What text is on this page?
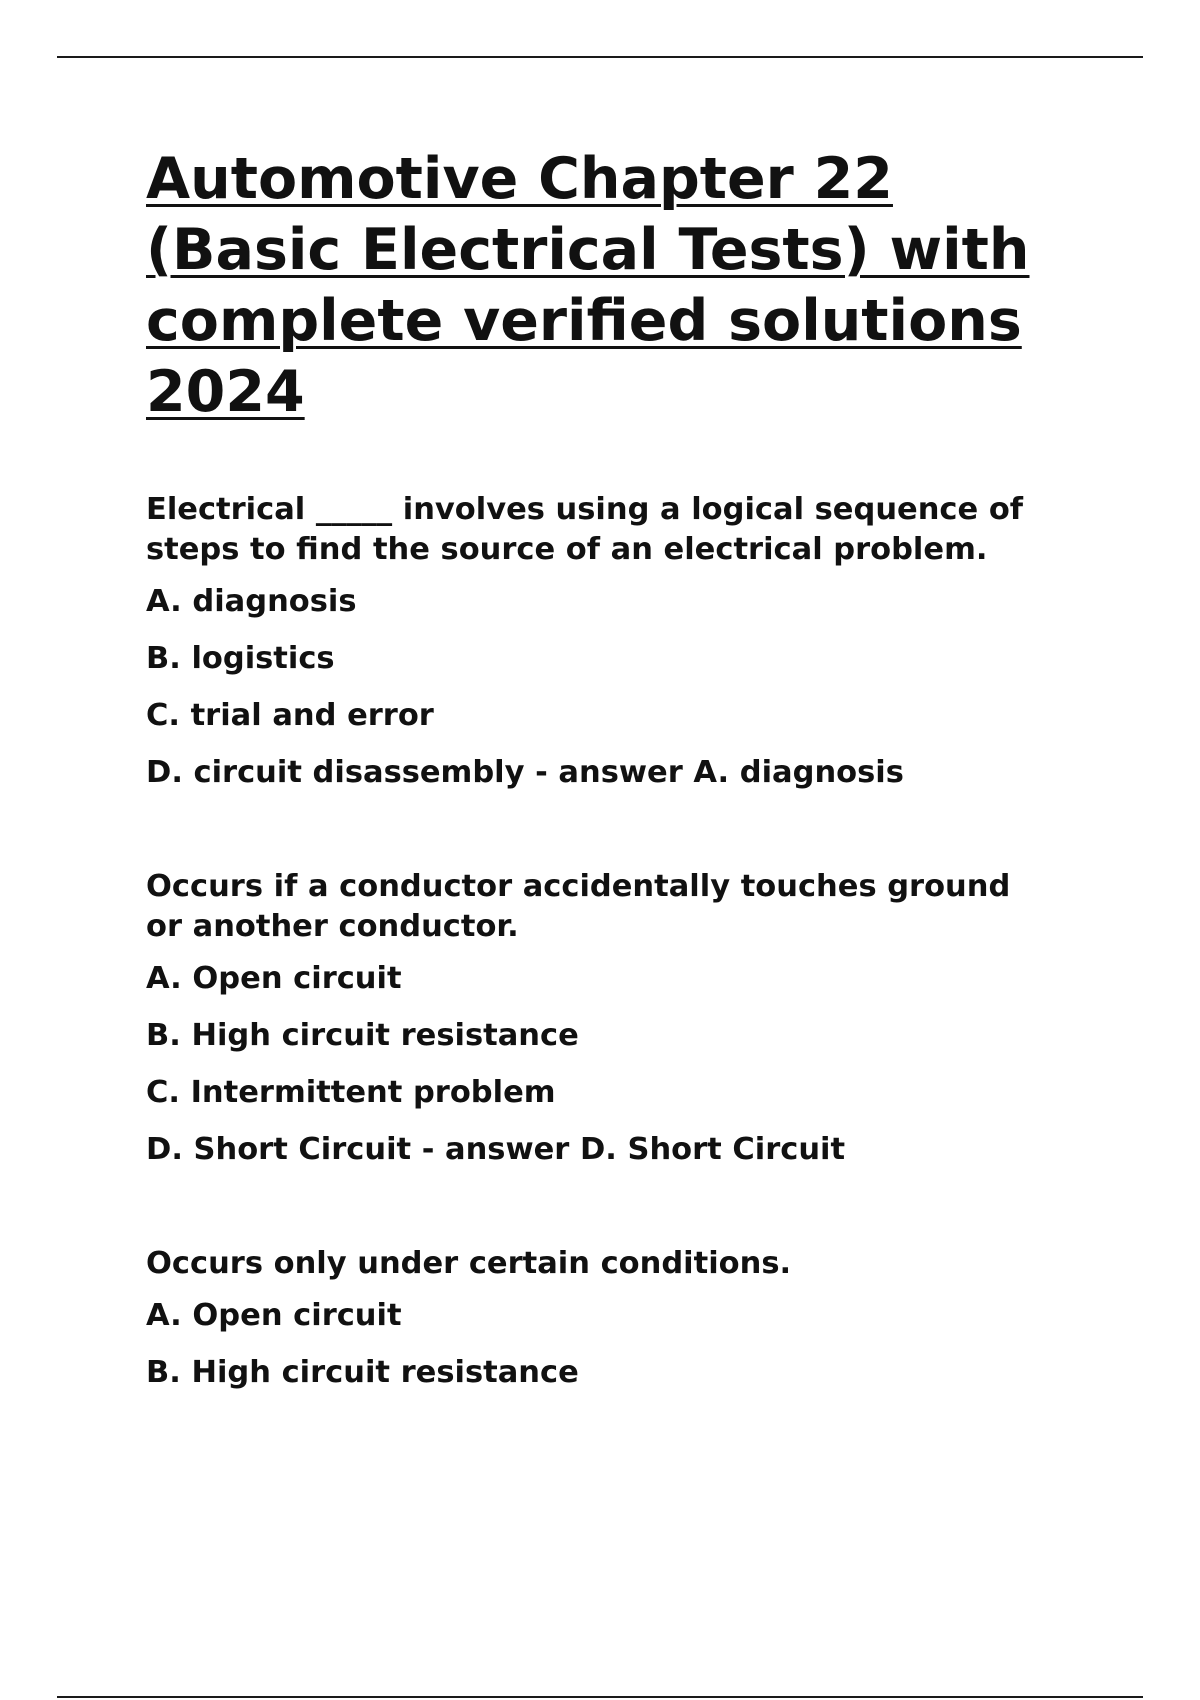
Automotive Chapter 22
(Basic Electrical Tests) with
complete verified solutions
2024
Electrical _____ involves using a logical sequence of
steps to find the source of an electrical problem.
A. diagnosis
B. logistics
C. trial and error
D. circuit disassembly - answer A. diagnosis
Occurs if a conductor accidentally touches ground
or another conductor.
A. Open circuit
B. High circuit resistance
C. Intermittent problem
D. Short Circuit - answer D. Short Circuit
Occurs only under certain conditions.
A. Open circuit
B. High circuit resistance
